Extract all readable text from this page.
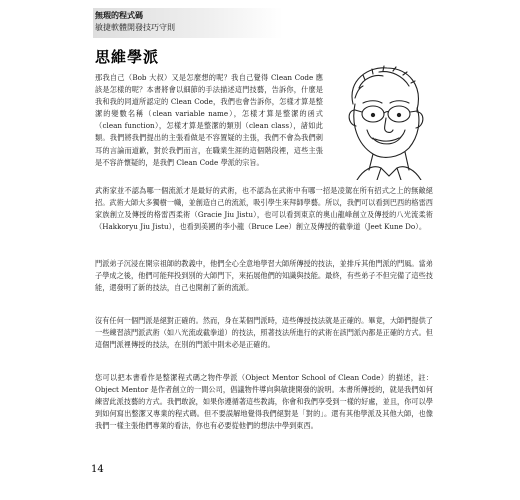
無瑕的程式碼
敏捷軟體開發技巧守則
思維學派

那我自己（Bob 大叔）又是怎麼想的呢？我自己覺得 Clean Code 應該是怎樣的呢？本書將會以細節的手法描述這門技藝，告訴你，什麼是我和我的同道所認定的 Clean Code，我們也會告訴你，怎樣才算是整潔的變數名稱（clean variable name），怎樣才算是整潔的函式（clean function），怎樣才算是整潔的類別（clean class），諸如此類。我們將我們提出的主張看做是不容置疑的主張，我們不會為我們刺耳的言論而道歉，對於我們而言，在職業生涯的這個階段裡，這些主張是不容許懷疑的，是我們 Clean Code 學派的宗旨。

武術家並不認為哪一個流派才是最好的武術，也不認為在武術中有哪一招是凌駕在所有招式之上的無敵絕招。武術大師大多獨樹一幟，並創造自己的流派，吸引學生來拜師學藝。所以，我們可以看到巴西的格雷西家族創立及傳授的格雷西柔術（Gracie Jiu Jistu），也可以看到東京的奧山龍峰創立及傳授的八光流柔術（Hakkoryu Jiu Jistu），也看到美國的李小龍（Bruce Lee）創立及傳授的截拳道（Jeet Kune Do）。

門派弟子沉浸在開宗祖師的教義中，他們全心全意地學習大師所傳授的技法，並排斥其他門派的門風。當弟子學成之後，他們可能拜投到別的大師門下，來拓展他們的知識與技能。最終，有些弟子不但完備了這些技能，還發明了新的技法，自己也開創了新的流派。

沒有任何一個門派是絕對正確的。然而，身在某個門派時，這些傳授技法就是正確的。畢竟，大師們提供了一些練習該門派武術（如八光流或截拳道）的技法，照著技法所進行的武術在該門派內都是正確的方式。但這個門派裡傳授的技法，在別的門派中則未必是正確的。

您可以把本書看作是整潔程式碼之物件學派（Object Mentor School of Clean Code）的描述，註：Object Mentor 是作者創立的一間公司，倡議物件導向與敏捷開發的說明。本書所傳授的，就是我們如何練習此派技藝的方式。我們敢說，如果你遵循著這些教誨，你會和我們享受到一樣的好處，並且，你可以學到如何寫出整潔又專業的程式碼。但不要誤解地覺得我們絕對是「對的」。還有其他學派及其他大師，也像我們一樣主張他們專業的看法，你也有必要從他們的想法中學到東西。

14
